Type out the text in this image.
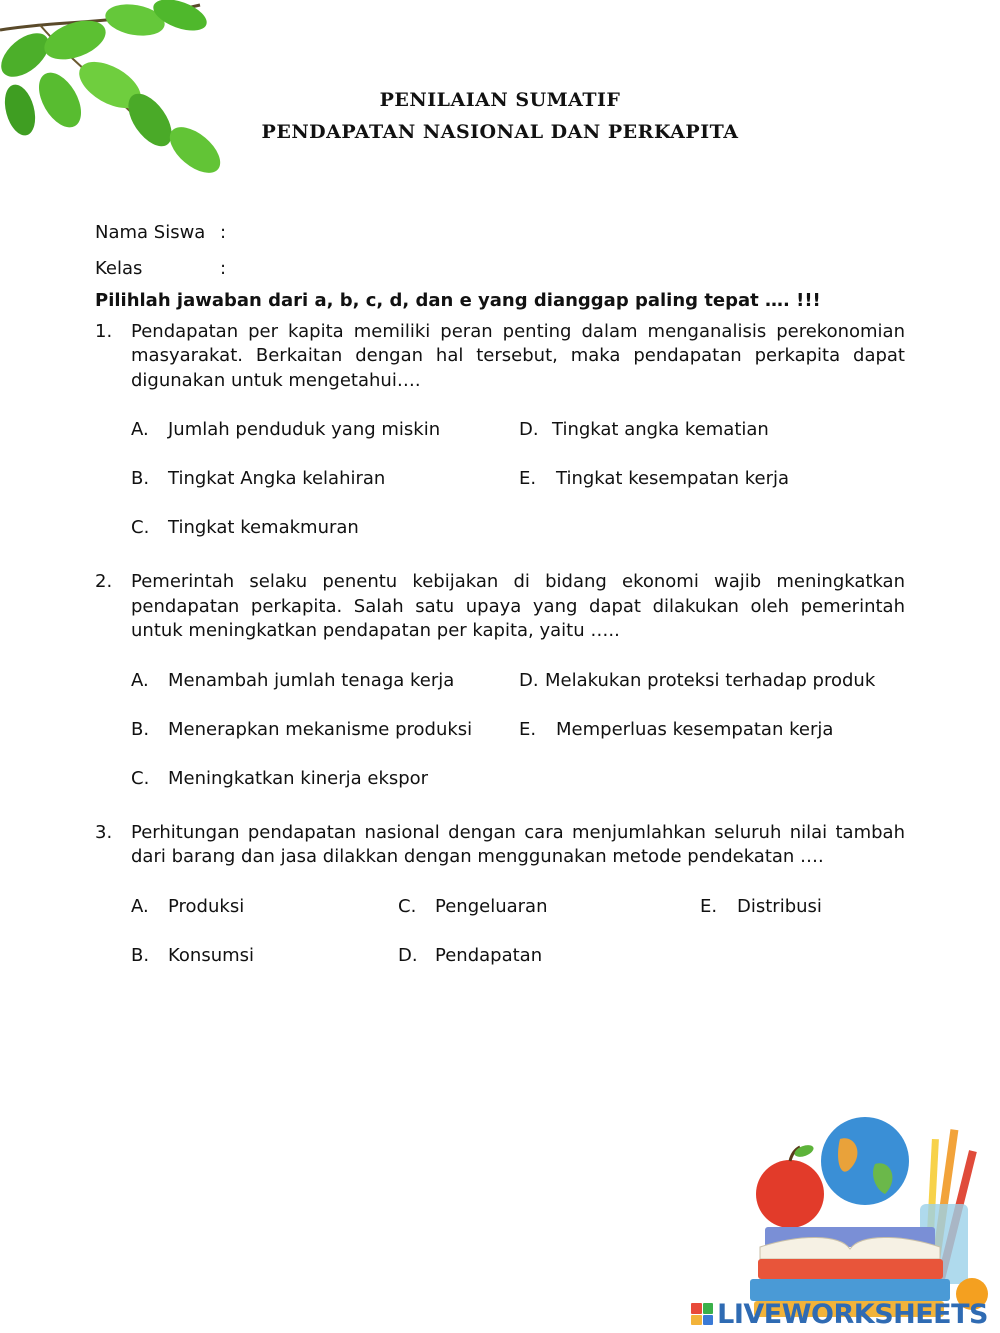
PENILAIAN SUMATIF
PENDAPATAN NASIONAL DAN PERKAPITA
Nama Siswa :
Kelas	:
Pilihlah jawaban dari a, b, c, d, dan e yang dianggap paling tepat …. !!!
1.	Pendapatan per kapita memiliki peran penting dalam menganalisis perekonomian masyarakat. Berkaitan dengan hal tersebut, maka pendapatan perkapita dapat digunakan untuk mengetahui….
A. Jumlah penduduk yang miskin
B. Tingkat Angka kelahiran
C. Tingkat kemakmuran
D. Tingkat angka kematian
E. Tingkat kesempatan kerja
2.	Pemerintah selaku penentu kebijakan di bidang ekonomi wajib meningkatkan pendapatan perkapita. Salah satu upaya yang dapat dilakukan oleh pemerintah untuk meningkatkan pendapatan per kapita, yaitu …..
A. Menambah jumlah tenaga kerja
B. Menerapkan mekanisme produksi
C. Meningkatkan kinerja ekspor
D. Melakukan proteksi terhadap produk
E. Memperluas kesempatan kerja
3.	Perhitungan pendapatan nasional dengan cara menjumlahkan seluruh nilai tambah dari barang dan jasa dilakkan dengan menggunakan metode pendekatan ….
A. Produksi
B. Konsumsi
C. Pengeluaran
D. Pendapatan
E. Distribusi
LIVEWORKSHEETS
